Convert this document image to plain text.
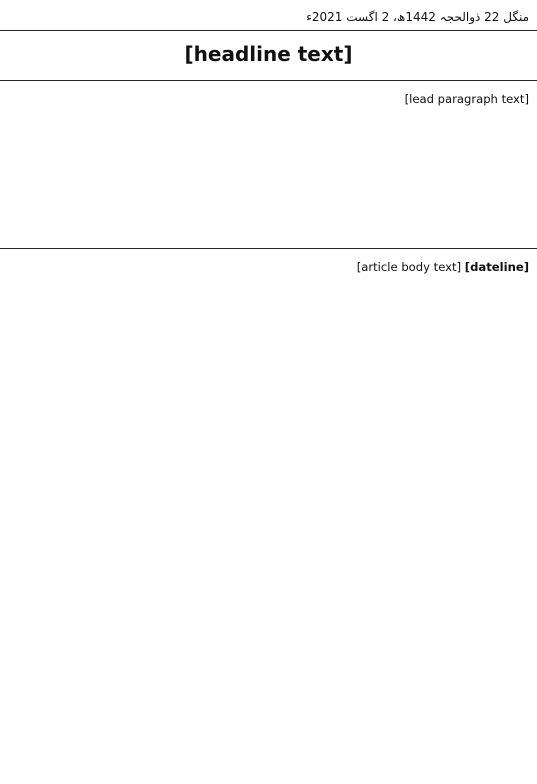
منگل 22 ذوالحجہ 1442ھ، 2 اگست 2021ء
[headline text]
[lead paragraph text]

[dateline] [article body text]
